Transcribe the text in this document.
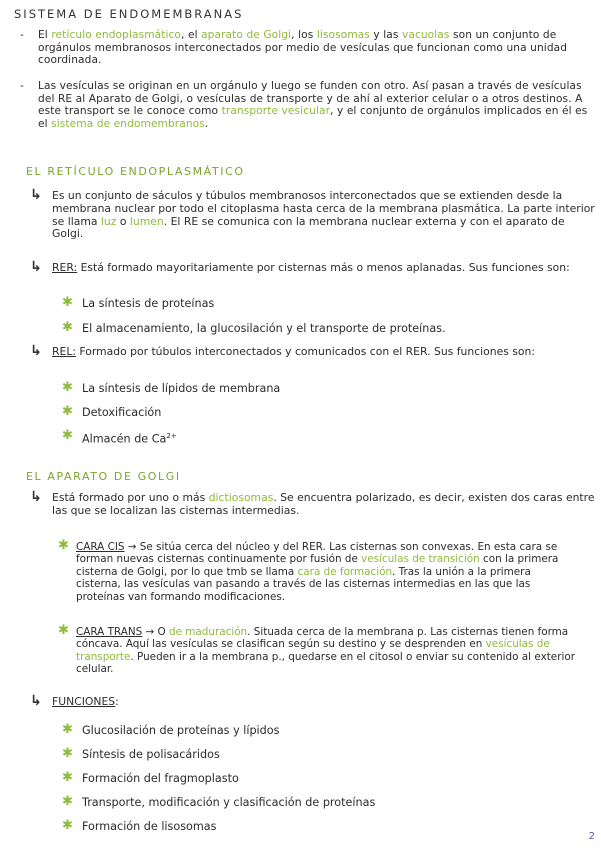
SISTEMA DE ENDOMEMBRANAS
-	El retículo endoplasmático, el aparato de Golgi, los lisosomas y las vacuolas son un conjunto de orgánulos membranosos interconectados por medio de vesículas que funcionan como una unidad coordinada.
-	Las vesículas se originan en un orgánulo y luego se funden con otro. Así pasan a través de vesículas del RE al Aparato de Golgi, o vesículas de transporte y de ahí al exterior celular o a otros destinos. A este transport se le conoce como transporte vesicular, y el conjunto de orgánulos implicados en él es el sistema de endomembranos.
EL RETÍCULO ENDOPLASMÁTICO
↳ Es un conjunto de sáculos y túbulos membranosos interconectados que se extienden desde la membrana nuclear por todo el citoplasma hasta cerca de la membrana plasmática. La parte interior se llama luz o lumen. El RE se comunica con la membrana nuclear externa y con el aparato de Golgi.
↳ RER: Está formado mayoritariamente por cisternas más o menos aplanadas. Sus funciones son:
✱ La síntesis de proteínas
✱ El almacenamiento, la glucosilación y el transporte de proteínas.
↳ REL: Formado por túbulos interconectados y comunicados con el RER. Sus funciones son:
✱ La síntesis de lípidos de membrana
✱ Detoxificación
✱ Almacén de $Ca^{2+}$
EL APARATO DE GOLGI
↳ Está formado por uno o más dictiosomas. Se encuentra polarizado, es decir, existen dos caras entre las que se localizan las cisternas intermedias.
✱ CARA CIS → Se sitúa cerca del núcleo y del RER. Las cisternas son convexas. En esta cara se forman nuevas cisternas continuamente por fusión de vesículas de transición con la primera cisterna de Golgi, por lo que tmb se llama cara de formación. Tras la unión a la primera cisterna, las vesículas van pasando a través de las cisternas intermedias en las que las proteínas van formando modificaciones.
✱ CARA TRANS → O de maduración. Situada cerca de la membrana p. Las cisternas tienen forma cóncava. Aquí las vesículas se clasifican según su destino y se desprenden en vesículas de transporte. Pueden ir a la membrana p., quedarse en el citosol o enviar su contenido al exterior celular.
↳ FUNCIONES:
✱ Glucosilación de proteínas y lípidos
✱ Síntesis de polisacáridos
✱ Formación del fragmoplasto
✱ Transporte, modificación y clasificación de proteínas
✱ Formación de lisosomas
2
